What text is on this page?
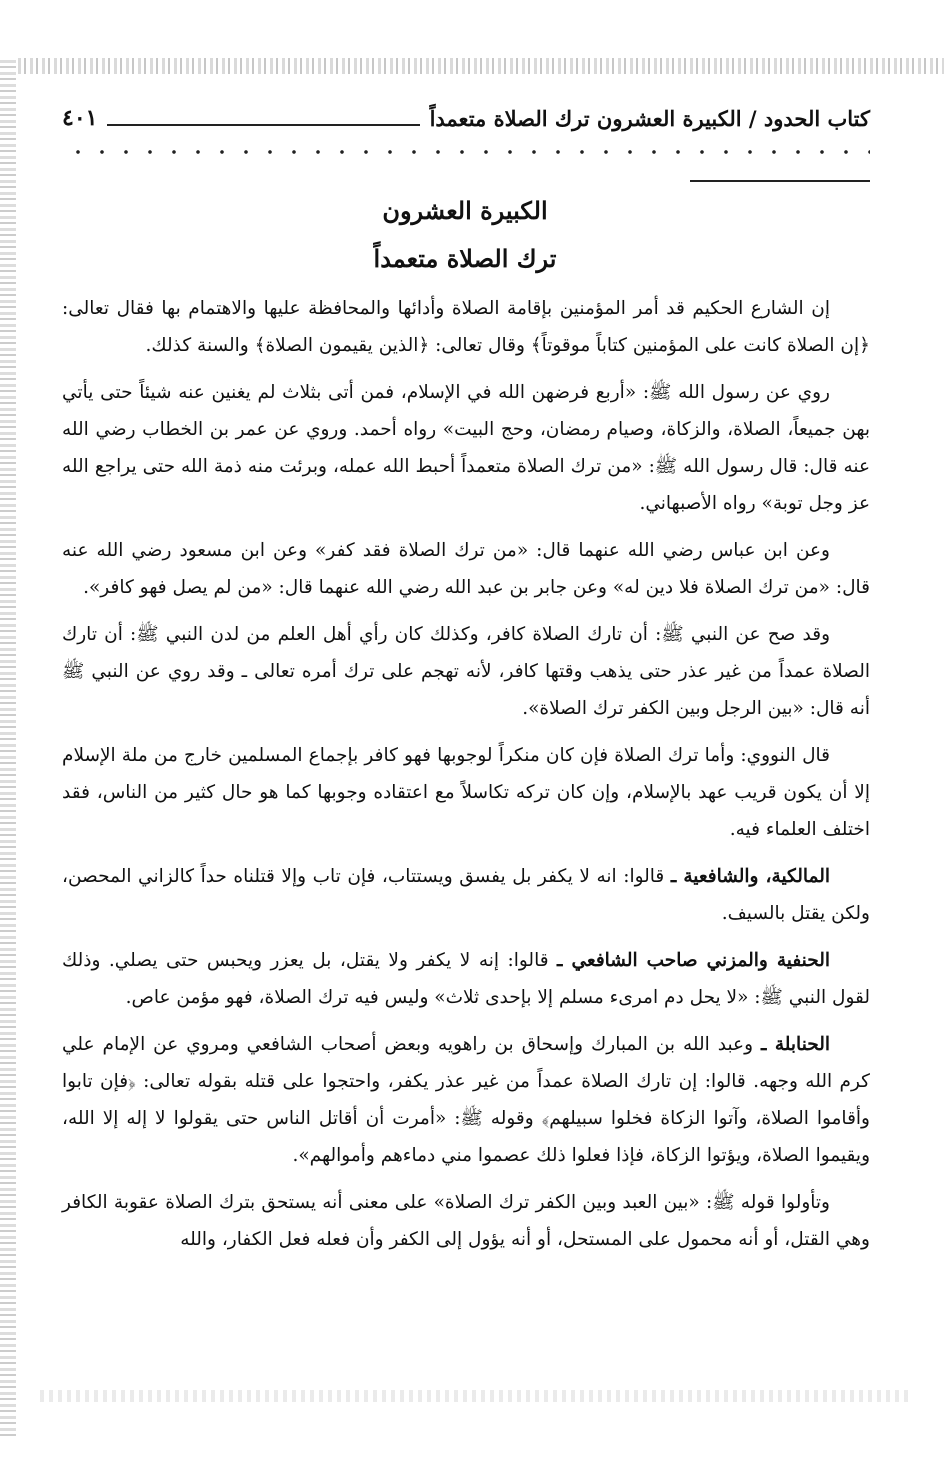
كتاب الحدود / الكبيرة العشرون ترك الصلاة متعمداً
٤٠١
الكبيرة العشرون
ترك الصلاة متعمداً

إن الشارع الحكيم قد أمر المؤمنين بإقامة الصلاة وأدائها والمحافظة عليها والاهتمام بها فقال تعالى: ﴿إن الصلاة كانت على المؤمنين كتاباً موقوتاً﴾ وقال تعالى: ﴿الذين يقيمون الصلاة﴾ والسنة كذلك.

روي عن رسول الله ﷺ: «أربع فرضهن الله في الإسلام، فمن أتى بثلاث لم يغنين عنه شيئاً حتى يأتي بهن جميعاً، الصلاة، والزكاة، وصيام رمضان، وحج البيت» رواه أحمد. وروي عن عمر بن الخطاب رضي الله عنه قال: قال رسول الله ﷺ: «من ترك الصلاة متعمداً أحبط الله عمله، وبرئت منه ذمة الله حتى يراجع الله عز وجل توبة» رواه الأصبهاني.

وعن ابن عباس رضي الله عنهما قال: «من ترك الصلاة فقد كفر» وعن ابن مسعود رضي الله عنه قال: «من ترك الصلاة فلا دين له» وعن جابر بن عبد الله رضي الله عنهما قال: «من لم يصل فهو كافر».

وقد صح عن النبي ﷺ: أن تارك الصلاة كافر، وكذلك كان رأي أهل العلم من لدن النبي ﷺ: أن تارك الصلاة عمداً من غير عذر حتى يذهب وقتها كافر، لأنه تهجم على ترك أمره تعالى ـ وقد روي عن النبي ﷺ أنه قال: «بين الرجل وبين الكفر ترك الصلاة».

قال النووي: وأما ترك الصلاة فإن كان منكراً لوجوبها فهو كافر بإجماع المسلمين خارج من ملة الإسلام إلا أن يكون قريب عهد بالإسلام، وإن كان تركه تكاسلاً مع اعتقاده وجوبها كما هو حال كثير من الناس، فقد اختلف العلماء فيه.

المالكية، والشافعية ـ قالوا: انه لا يكفر بل يفسق ويستتاب، فإن تاب وإلا قتلناه حداً كالزاني المحصن، ولكن يقتل بالسيف.

الحنفية والمزني صاحب الشافعي ـ قالوا: إنه لا يكفر ولا يقتل، بل يعزر ويحبس حتى يصلي. وذلك لقول النبي ﷺ: «لا يحل دم امرىء مسلم إلا بإحدى ثلاث» وليس فيه ترك الصلاة، فهو مؤمن عاص.

الحنابلة ـ وعبد الله بن المبارك وإسحاق بن راهويه وبعض أصحاب الشافعي ومروي عن الإمام علي كرم الله وجهه. قالوا: إن تارك الصلاة عمداً من غير عذر يكفر، واحتجوا على قتله بقوله تعالى: ﴿فإن تابوا وأقاموا الصلاة، وآتوا الزكاة فخلوا سبيلهم﴾ وقوله ﷺ: «أمرت أن أقاتل الناس حتى يقولوا لا إله إلا الله، ويقيموا الصلاة، ويؤتوا الزكاة، فإذا فعلوا ذلك عصموا مني دماءهم وأموالهم».

وتأولوا قوله ﷺ: «بين العبد وبين الكفر ترك الصلاة» على معنى أنه يستحق بترك الصلاة عقوبة الكافر وهي القتل، أو أنه محمول على المستحل، أو أنه يؤول إلى الكفر وأن فعله فعل الكفار، والله
